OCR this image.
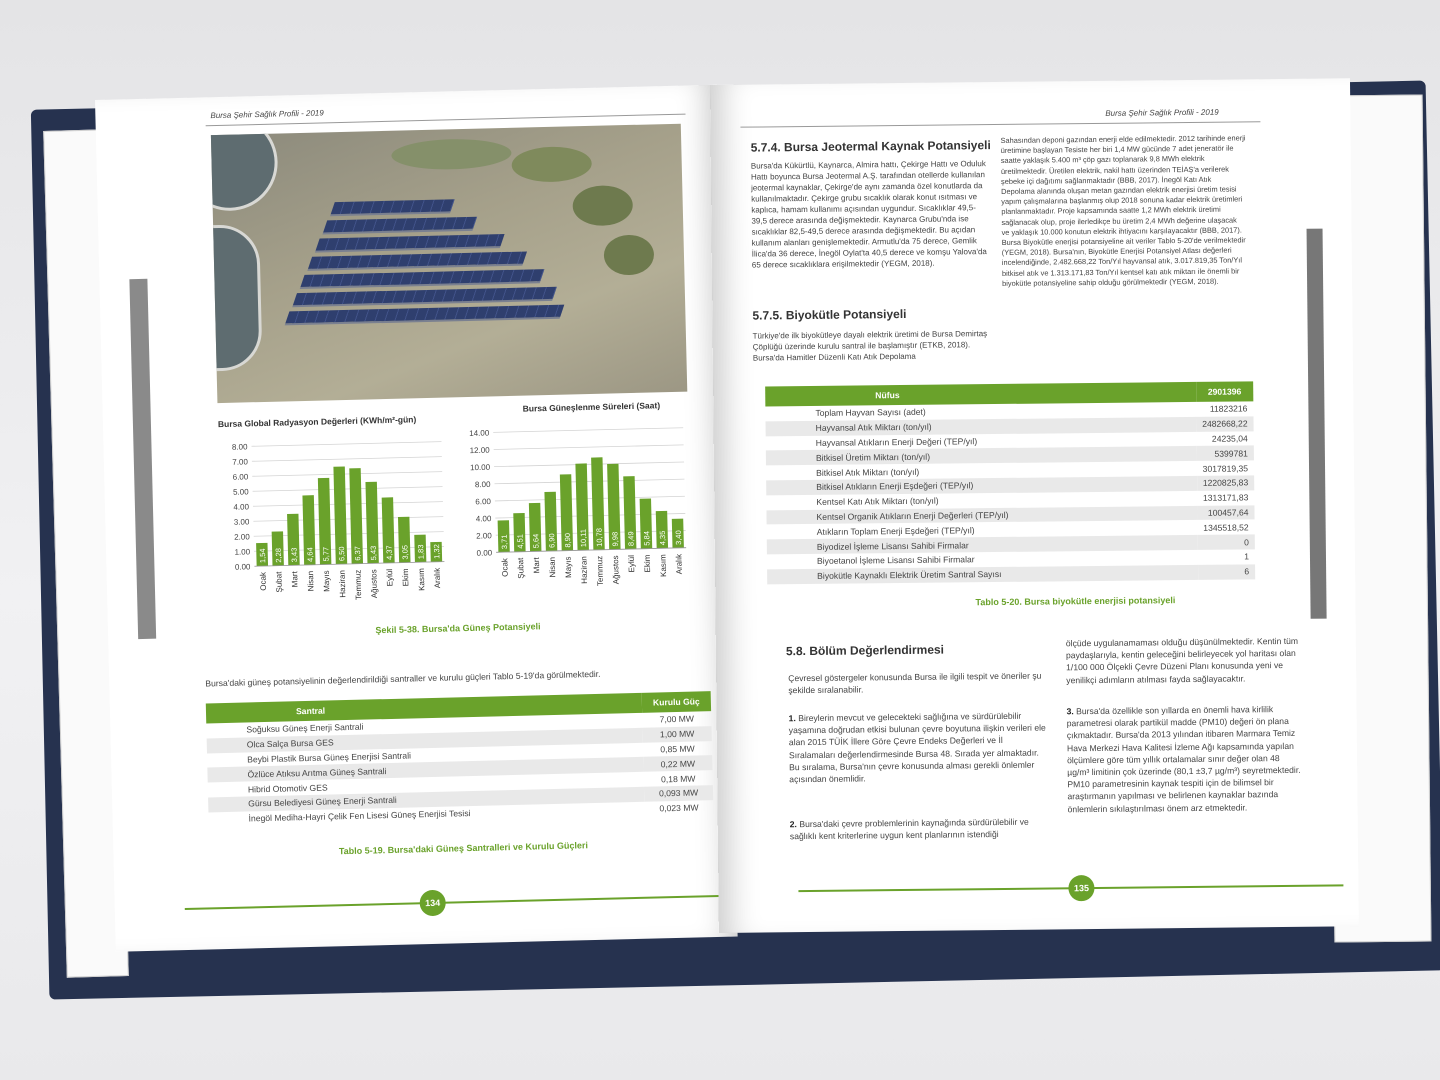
Bursa Şehir Sağlık Profili - 2019
Bursa Global Radyasyon Değerleri (KWh/m²-gün)
0.00
1.00
2.00
3.00
4.00
5.00
6.00
7.00
8.00
1,54
Ocak
2,28
Şubat
3,43
Mart
4,64
Nisan
5,77
Mayıs
6,50
Haziran
6,37
Temmuz
5,43
Ağustos
4,37
Eylül
3,05
Ekim
1,83
Kasım
1,32
Aralık
Bursa Güneşlenme Süreleri (Saat)
0.00
2.00
4.00
6.00
8.00
10.00
12.00
14.00
3,71
Ocak
4,51
Şubat
5,64
Mart
6,90
Nisan
8,90
Mayıs
10,11
Haziran
10,78
Temmuz
9,98
Ağustos
8,49
Eylül
5,84
Ekim
4,35
Kasım
3,40
Aralık
Şekil 5-38. Bursa'da Güneş Potansiyeli
Bursa'daki güneş potansiyelinin değerlendirildiği santraller ve kurulu güçleri Tablo 5-19'da görülmektedir.
Santral	Kurulu Güç
Soğuksu Güneş Enerji Santrali	7,00 MW
Olca Salça Bursa GES	1,00 MW
Beybi Plastik Bursa Güneş Enerjisi Santrali	0,85 MW
Özlüce Atıksu Arıtma Güneş Santrali	0,22 MW
Hibrid Otomotiv GES	0,18 MW
Gürsu Belediyesi Güneş Enerji Santrali	0,093 MW
İnegöl Mediha-Hayri Çelik Fen Lisesi Güneş Enerjisi Tesisi	0,023 MW
Tablo 5-19. Bursa'daki Güneş Santralleri ve Kurulu Güçleri
134
Bursa Şehir Sağlık Profili - 2019
5.7.4. Bursa Jeotermal Kaynak Potansiyeli
Bursa'da Kükürtlü, Kaynarca, Almira hattı, Çekirge Hattı ve Oduluk Hattı boyunca Bursa Jeotermal A.Ş. tarafından otellerde kullanılan jeotermal kaynaklar, Çekirge'de aynı zamanda özel konutlarda da kullanılmaktadır. Çekirge grubu sıcaklık olarak konut ısıtması ve kaplıca, hamam kullanımı açısından uygundur. Sıcaklıklar 49,5-39,5 derece arasında değişmektedir. Kaynarca Grubu'nda ise sıcaklıklar 82,5-49,5 derece arasında değişmektedir. Bu açıdan kullanım alanları genişlemektedir. Armutlu'da 75 derece, Gemlik İlica'da 36 derece, İnegöl Oylat'ta 40,5 derece ve komşu Yalova'da 65 derece sıcaklıklara erişilmektedir (YEGM, 2018).
5.7.5. Biyokütle Potansiyeli
Türkiye'de ilk biyokütleye dayalı elektrik üretimi de Bursa Demirtaş Çöplüğü üzerinde kurulu santral ile başlamıştır (ETKB, 2018). Bursa'da Hamitler Düzenli Katı Atık Depolama
Sahasından deponi gazından enerji elde edilmektedir. 2012 tarihinde enerji üretimine başlayan Tesiste her biri 1,4 MW gücünde 7 adet jeneratör ile saatte yaklaşık 5.400 m³ çöp gazı toplanarak 9,8 MWh elektrik üretilmektedir. Üretilen elektrik, nakil hattı üzerinden TEİAŞ'a verilerek şebeke içi dağıtımı sağlanmaktadır (BBB, 2017). İnegöl Katı Atık Depolama alanında oluşan metan gazından elektrik enerjisi üretim tesisi yapım çalışmalarına başlanmış olup 2018 sonuna kadar elektrik üretimleri planlanmaktadır. Proje kapsamında saatte 1,2 MWh elektrik üretimi sağlanacak olup, proje ilerledikçe bu üretim 2,4 MWh değerine ulaşacak ve yaklaşık 10.000 konutun elektrik ihtiyacını karşılayacaktır (BBB, 2017). Bursa Biyokütle enerjisi potansiyeline ait veriler Tablo 5-20'de verilmektedir (YEGM, 2018). Bursa'nın, Biyokütle Enerjisi Potansiyel Atlası değerleri incelendiğinde, 2.482.668,22 Ton/Yıl hayvansal atık, 3.017.819,35 Ton/Yıl bitkisel atık ve 1.313.171,83 Ton/Yıl kentsel katı atık miktarı ile önemli bir biyokütle potansiyeline sahip olduğu görülmektedir (YEGM, 2018).
Nüfus	2901396
Toplam Hayvan Sayısı (adet)	11823216
Hayvansal Atık Miktarı (ton/yıl)	2482668,22
Hayvansal Atıkların Enerji Değeri (TEP/yıl)	24235,04
Bitkisel Üretim Miktarı (ton/yıl)	5399781
Bitkisel Atık Miktarı (ton/yıl)	3017819,35
Bitkisel Atıkların Enerji Eşdeğeri (TEP/yıl)	1220825,83
Kentsel Katı Atık Miktarı (ton/yıl)	1313171,83
Kentsel Organik Atıkların Enerji Değerleri (TEP/yıl)	100457,64
Atıkların Toplam Enerji Eşdeğeri (TEP/yıl)	1345518,52
Biyodizel İşleme Lisansı Sahibi Firmalar	0
Biyoetanol İşleme Lisansı Sahibi Firmalar	1
Biyokütle Kaynaklı Elektrik Üretim Santral Sayısı	6
Tablo 5-20. Bursa biyokütle enerjisi potansiyeli
5.8. Bölüm Değerlendirmesi
Çevresel göstergeler konusunda Bursa ile ilgili tespit ve öneriler şu şekilde sıralanabilir.
1. Bireylerin mevcut ve gelecekteki sağlığına ve sürdürülebilir yaşamına doğrudan etkisi bulunan çevre boyutuna ilişkin verileri ele alan 2015 TÜİK İllere Göre Çevre Endeks Değerleri ve İl Sıralamaları değerlendirmesinde Bursa 48. Sırada yer almaktadır. Bu sıralama, Bursa'nın çevre konusunda alması gerekli önlemler açısından önemlidir.
2. Bursa'daki çevre problemlerinin kaynağında sürdürülebilir ve sağlıklı kent kriterlerine uygun kent planlarının istendiği
ölçüde uygulanamaması olduğu düşünülmektedir. Kentin tüm paydaşlarıyla, kentin geleceğini belirleyecek yol haritası olan 1/100 000 Ölçekli Çevre Düzeni Planı konusunda yeni ve yenilikçi adımların atılması fayda sağlayacaktır.
3. Bursa'da özellikle son yıllarda en önemli hava kirlilik parametresi olarak partikül madde (PM10) değeri ön plana çıkmaktadır. Bursa'da 2013 yılından itibaren Marmara Temiz Hava Merkezi Hava Kalitesi İzleme Ağı kapsamında yapılan ölçümlere göre tüm yıllık ortalamalar sınır değer olan 48 µg/m³ limitinin çok üzerinde (80,1 ±3,7 µg/m³) seyretmektedir. PM10 parametresinin kaynak tespiti için de bilimsel bir araştırmanın yapılması ve belirlenen kaynaklar bazında önlemlerin sıkılaştırılması önem arz etmektedir.
135
